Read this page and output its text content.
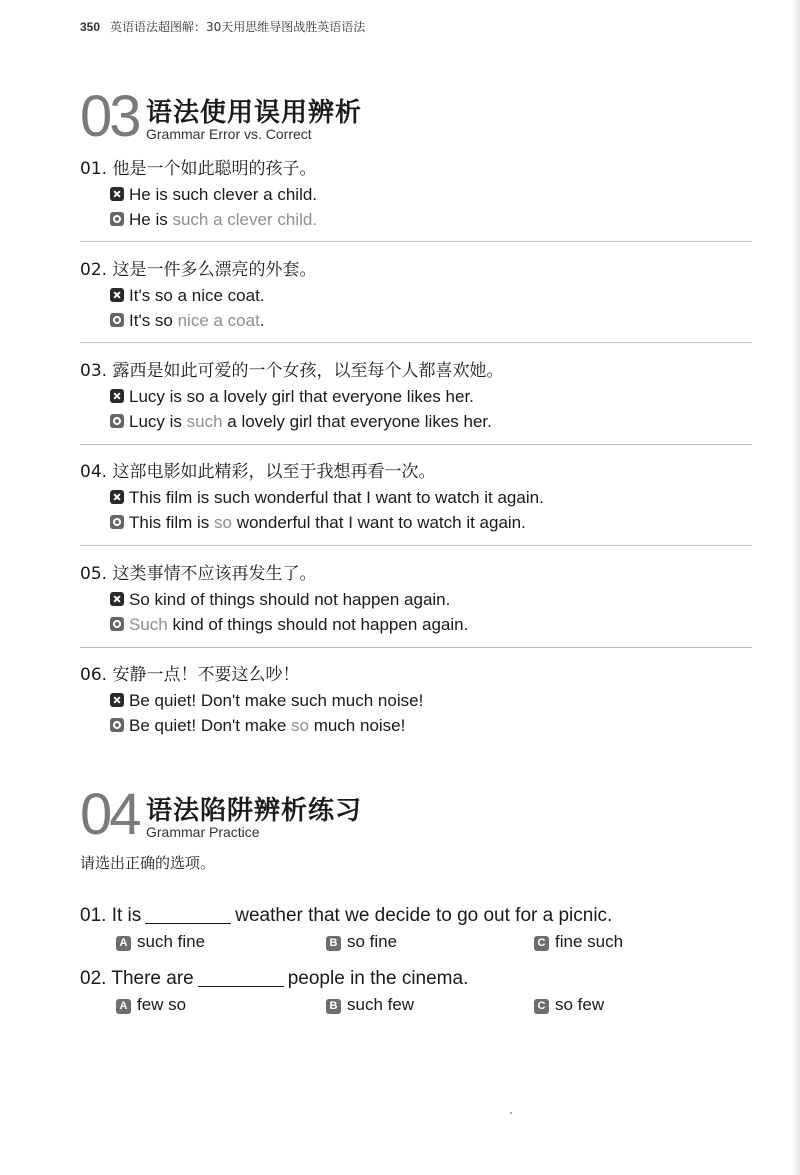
350 英语语法超图解：30天用思维导图战胜英语语法
03 语法使用误用辨析
Grammar Error vs. Correct
01. 他是一个如此聪明的孩子。
He is such clever a child.
He is such a clever child.
02. 这是一件多么漂亮的外套。
It's so a nice coat.
It's so nice a coat.
03. 露西是如此可爱的一个女孩，以至每个人都喜欢她。
Lucy is so a lovely girl that everyone likes her.
Lucy is such a lovely girl that everyone likes her.
04. 这部电影如此精彩，以至于我想再看一次。
This film is such wonderful that I want to watch it again.
This film is so wonderful that I want to watch it again.
05. 这类事情不应该再发生了。
So kind of things should not happen again.
Such kind of things should not happen again.
06. 安静一点！不要这么吵！
Be quiet! Don't make such much noise!
Be quiet! Don't make so much noise!
04 语法陷阱辨析练习
Grammar Practice
请选出正确的选项。
01. It is	weather that we decide to go out for a picnic.
A such fine	B so fine	C fine such
02. There are	people in the cinema.
A few so	B such few	C so few
